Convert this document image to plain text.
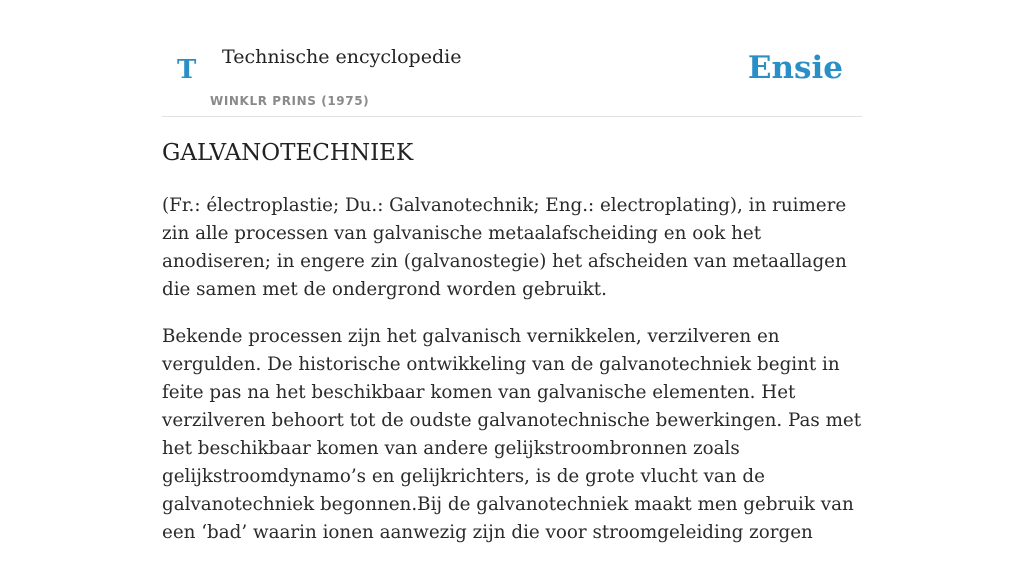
T Technische encyclopedie
WINKLR PRINS (1975)
Ensie
GALVANOTECHNIEK

(Fr.: électroplastie; Du.: Galvanotechnik; Eng.: electroplating), in ruimere zin alle processen van galvanische metaalafscheiding en ook het anodiseren; in engere zin (galvanostegie) het afscheiden van metaallagen die samen met de ondergrond worden gebruikt.

Bekende processen zijn het galvanisch vernikkelen, verzilveren en vergulden. De historische ontwikkeling van de galvanotechniek begint in feite pas na het beschikbaar komen van galvanische elementen. Het verzilveren behoort tot de oudste galvanotechnische bewerkingen. Pas met het beschikbaar komen van andere gelijkstroombronnen zoals gelijkstroomdynamo’s en gelijkrichters, is de grote vlucht van de galvanotechniek begonnen.Bij de galvanotechniek maakt men gebruik van een ‘bad’ waarin ionen aanwezig zijn die voor stroomgeleiding zorgen
